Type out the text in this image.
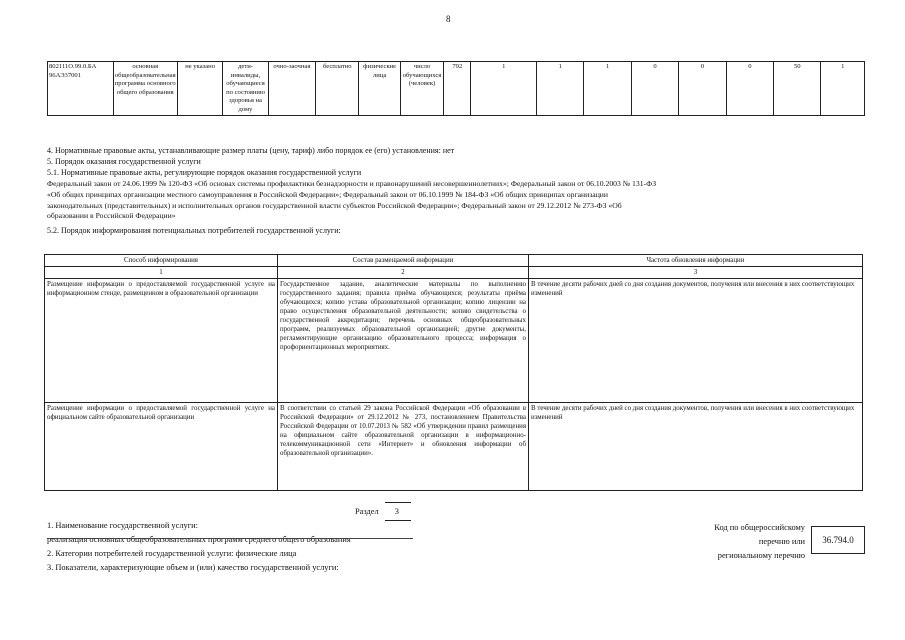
8
802111О.99.0.БА 96АЭ37001	основная общеобразовательная программа основного общего образования	не указано	дети-инвалиды, обучающиеся по состоянию здоровья на дому	очно-заочная	бесплатно	физические лица	число обучающихся (человек)	792	1	1	1	0	0	0	50	1
4. Нормативные правовые акты, устанавливающие размер платы (цену, тариф) либо порядок ее (его) установления: нет
5. Порядок оказания государственной услуги
5.1. Нормативные правовые акты, регулирующие порядок оказания государственной услуги
Федеральный закон от 24.06.1999 № 120-ФЗ «Об основах системы профилактики безнадзорности и правонарушений несовершеннолетних»; Федеральный закон от 06.10.2003 № 131-ФЗ
«Об общих принципах организации местного самоуправления в Российской Федерации»; Федеральный закон от 06.10.1999 № 184-ФЗ «Об общих принципах организации
законодательных (представительных) и исполнительных органов государственной власти субъектов Российской Федерации»; Федеральный закон от 29.12.2012 № 273-ФЗ «Об
образовании в Российской Федерации»
5.2. Порядок информирования потенциальных потребителей государственной услуги:
Способ информирования	Состав размещаемой информации	Частота обновления информации
1	2	3
Размещение информации о предоставляемой государственной услуге на информационном стенде, размещенном в образовательной организации	Государственное задание, аналитические материалы по выполнению государственного задания; правила приёма обучающихся; результаты приёма обучающихся; копию устава образовательной организации; копию лицензии на право осуществления образовательной деятельности; копию свидетельства о государственной аккредитации; перечень основных общеобразовательных программ, реализуемых образовательной организацией; другие документы, регламентирующие организацию образовательного процесса; информация о профориентационных мероприятиях.	В течение десяти рабочих дней со дня создания документов, получения или внесения в них соответствующих изменений
Размещение информации о предоставляемой государственной услуге на официальном сайте образовательной организации	В соответствии со статьей 29 закона Российской Федерации «Об образовании в Российской Федерации» от 29.12.2012 № 273, постановлением Правительства Российской Федерации от 10.07.2013 № 582 «Об утверждении правил размещения на официальном сайте образовательной организации в информационно-телекоммуникационной сети «Интернет» и обновления информации об образовательной организации».	В течение десяти рабочих дней со дня создания документов, получения или внесения в них соответствующих изменений
Раздел 3
1. Наименование государственной услуги:
реализация основных общеобразовательных программ среднего общего образования
2. Категории потребителей государственной услуги: физические лица
3. Показатели, характеризующие объем и (или) качество государственной услуги:
Код по общероссийскому
перечню или
региональному перечню
36.794.0
